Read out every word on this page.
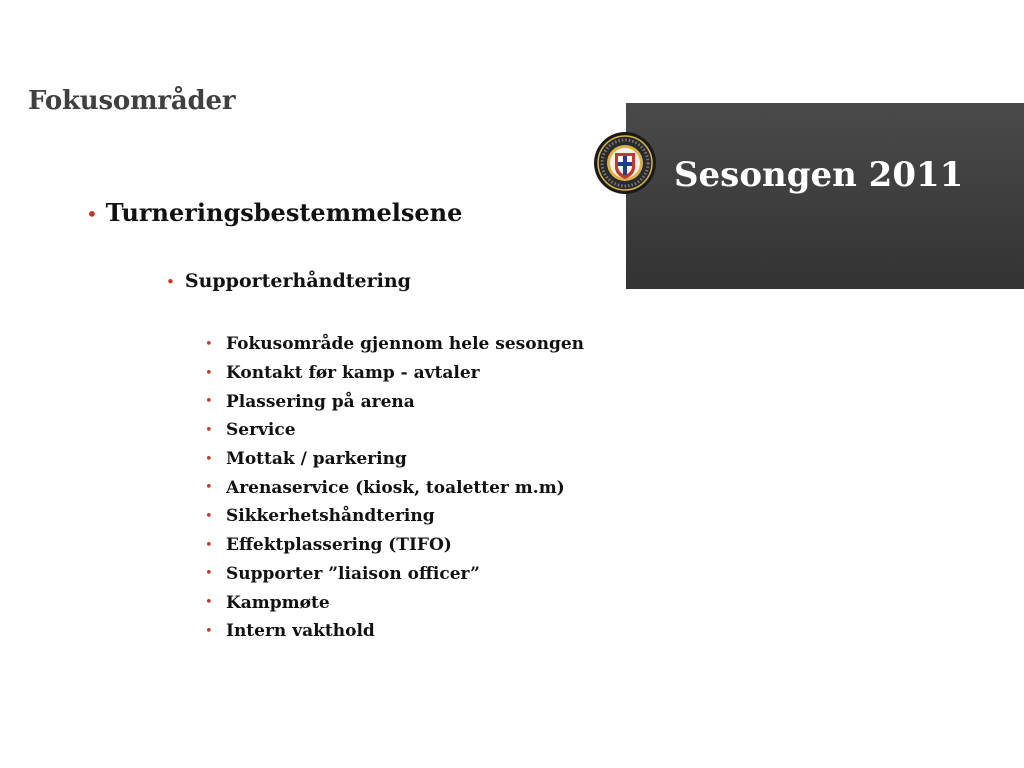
Fokusområder
Sesongen 2011
• Turneringsbestemmelsene
• Supporterhåndtering
• Fokusområde gjennom hele sesongen
• Kontakt før kamp - avtaler
• Plassering på arena
• Service
• Mottak / parkering
• Arenaservice (kiosk, toaletter m.m)
• Sikkerhetshåndtering
• Effektplassering (TIFO)
• Supporter ”liaison officer”
• Kampmøte
• Intern vakthold
